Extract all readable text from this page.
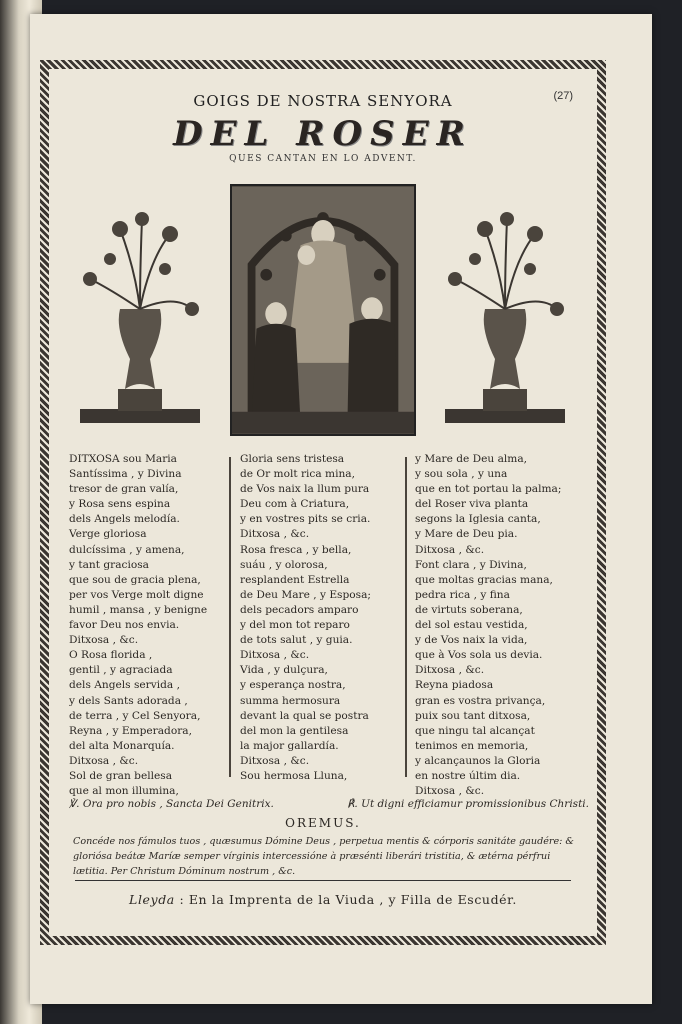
(27)
GOIGS DE NOSTRA SENYORA
DEL ROSER
QUES CANTAN EN LO ADVENT.
DITXOSA sou Maria
Santíssima , y Divina
tresor de gran valía,
y Rosa sens espina
dels Angels melodía.
Verge gloriosa
dulcíssima , y amena,
y tant graciosa
que sou de gracia plena,
per vos Verge molt digne
humil , mansa , y benigne
favor Deu nos envia.
Ditxosa , &c.
O Rosa florida ,
gentil , y agraciada
dels Angels servida ,
y dels Sants adorada ,
de terra , y Cel Senyora,
Reyna , y Emperadora,
del alta Monarquía.
Ditxosa , &c.
Sol de gran bellesa
que al mon illumina,
Gloria sens tristesa
de Or molt rica mina,
de Vos naix la llum pura
Deu com à Criatura,
y en vostres pits se cria.
Ditxosa , &c.
Rosa fresca , y bella,
suáu , y olorosa,
resplandent Estrella
de Deu Mare , y Esposa;
dels pecadors amparo
y del mon tot reparo
de tots salut , y guia.
Ditxosa , &c.
Vida , y dulçura,
y esperança nostra,
summa hermosura
devant la qual se postra
del mon la gentilesa
la major gallardía.
Ditxosa , &c.
Sou hermosa Lluna,
y Mare de Deu alma,
y sou sola , y una
que en tot portau la palma;
del Roser viva planta
segons la Iglesia canta,
y Mare de Deu pia.
Ditxosa , &c.
Font clara , y Divina,
que moltas gracias mana,
pedra rica , y fina
de virtuts soberana,
del sol estau vestida,
y de Vos naix la vida,
que à Vos sola us devia.
Ditxosa , &c.
Reyna piadosa
gran es vostra privança,
puix sou tant ditxosa,
que ningu tal alcançat
tenimos en memoria,
y alcançaunos la Gloria
en nostre últim dia.
Ditxosa , &c.
℣. Ora pro nobis , Sancta Dei Genitrix.	℟. Ut digni efficiamur promissionibus Christi.
OREMUS.
Concéde nos fámulos tuos , quæsumus Dómine Deus , perpetua mentis & córporis sanitáte gaudére: & gloriósa beátæ Maríæ semper vírginis intercessióne à præsénti liberári tristitia, & ætérna pérfrui lætitia. Per Christum Dóminum nostrum , &c.
Lleyda : En la Imprenta de la Viuda , y Filla de Escudér.
